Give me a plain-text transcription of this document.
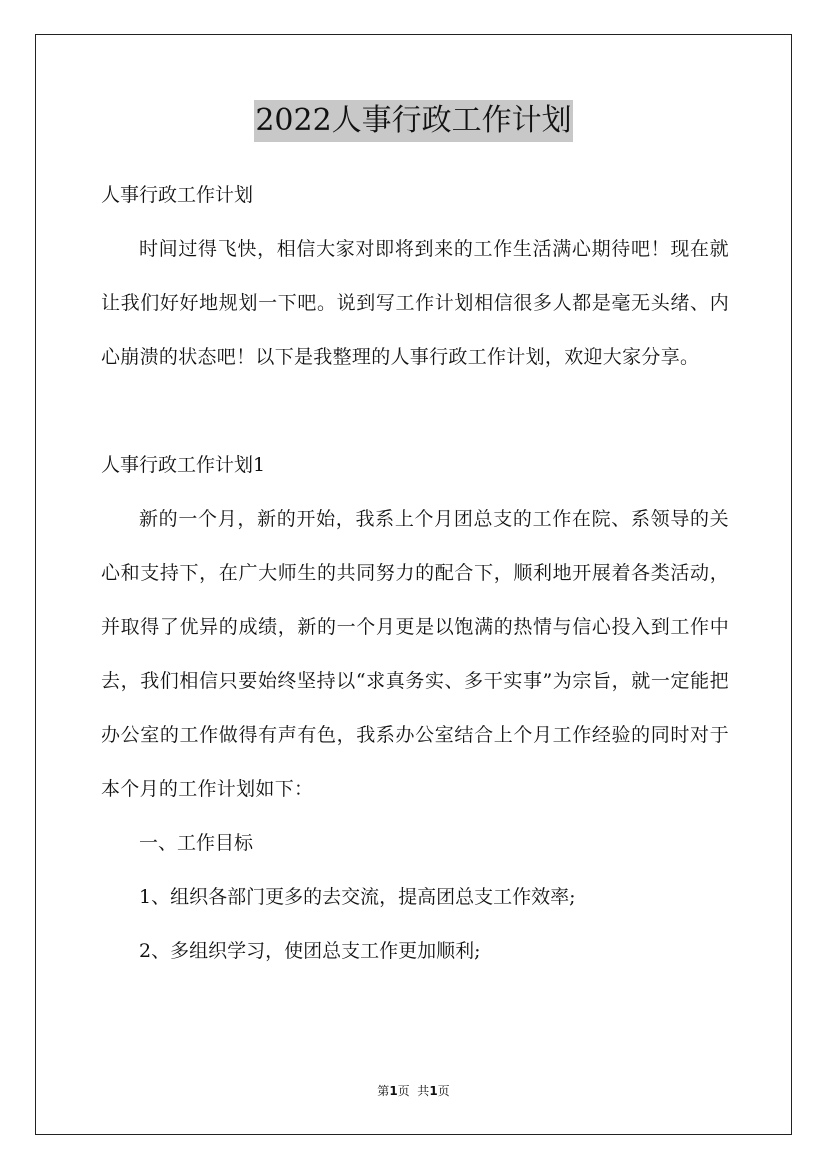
2022人事行政工作计划

人事行政工作计划

时间过得飞快，相信大家对即将到来的工作生活满心期待吧！现在就让我们好好地规划一下吧。说到写工作计划相信很多人都是毫无头绪、内心崩溃的状态吧！以下是我整理的人事行政工作计划，欢迎大家分享。

人事行政工作计划1

新的一个月，新的开始，我系上个月团总支的工作在院、系领导的关心和支持下，在广大师生的共同努力的配合下，顺利地开展着各类活动，并取得了优异的成绩，新的一个月更是以饱满的热情与信心投入到工作中去，我们相信只要始终坚持以“求真务实、多干实事”为宗旨，就一定能把办公室的工作做得有声有色，我系办公室结合上个月工作经验的同时对于本个月的工作计划如下：

一、工作目标

1、组织各部门更多的去交流，提高团总支工作效率;

2、多组织学习，使团总支工作更加顺利;

第1页  共1页
